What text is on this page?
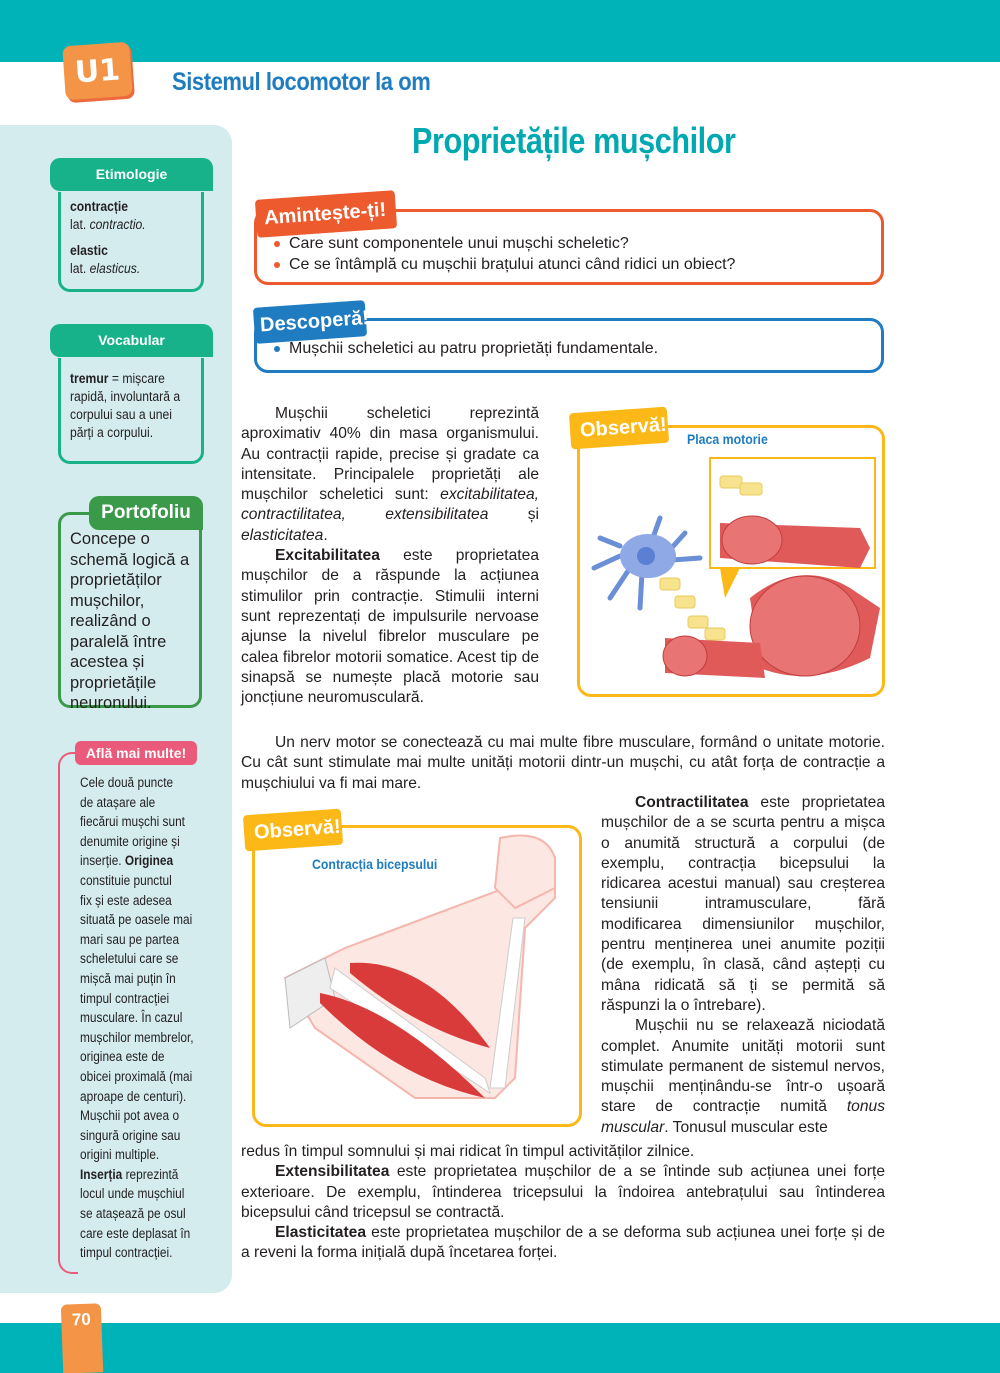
U1	Sistemul locomotor la om
Proprietățile mușchilor
Etimologie
contracție
lat. contractio.
elastic
lat. elasticus.
Vocabular
tremur = mișcare rapidă, involuntară a corpului sau a unei părți a corpului.
Portofoliu
Concepe o schemă logică a proprietăților mușchilor, realizând o paralelă între acestea și proprietățile neuronului.
Află mai multe!
Cele două puncte
de atașare ale
fiecărui mușchi sunt
denumite origine și
inserție. Originea
constituie punctul
fix și este adesea
situată pe oasele mai
mari sau pe partea
scheletului care se
mișcă mai puțin în
timpul contracției
musculare. În cazul
mușchilor membrelor,
originea este de
obicei proximală (mai
aproape de centuri).
Mușchii pot avea o
singură origine sau
origini multiple.
Inserția reprezintă
locul unde mușchiul
se atașează pe osul
care este deplasat în
timpul contracției.
Amintește-ți!
Care sunt componentele unui mușchi scheletic?
Ce se întâmplă cu mușchii brațului atunci când ridici un obiect?
Descoperă!
Mușchii scheletici au patru proprietăți fundamentale.

Mușchii scheletici reprezintă aproximativ 40% din masa organismului. Au contracții rapide, precise și gradate ca intensitate. Principalele proprietăți ale mușchilor scheletici sunt: excitabilitatea, contractilitatea, extensibilitatea și elasticitatea.

Excitabilitatea este proprietatea mușchilor de a răspunde la acțiunea stimulilor prin contracție. Stimulii interni sunt reprezentați de impulsurile nervoase ajunse la nivelul fibrelor musculare pe calea fibrelor motorii somatice. Acest tip de sinapsă se numește placă motorie sau joncțiune neuromusculară.

Observă! Placa motorie

Un nerv motor se conectează cu mai multe fibre musculare, formând o unitate motorie. Cu cât sunt stimulate mai multe unități motorii dintr-un mușchi, cu atât forța de contracție a mușchiului va fi mai mare.

Observă!
Contracția bicepsului

Contractilitatea este proprietatea mușchilor de a se scurta pentru a mișca o anumită structură a corpului (de exemplu, contracția bicepsului la ridicarea acestui manual) sau creșterea tensiunii intramusculare, fără modificarea dimensiunilor mușchilor, pentru menținerea unei anumite poziții (de exemplu, în clasă, când aștepți cu mâna ridicată să ți se permită să răspunzi la o întrebare).

Mușchii nu se relaxează niciodată complet. Anumite unități motorii sunt stimulate permanent de sistemul nervos, mușchii menținându-se într-o ușoară stare de contracție numită tonus muscular. Tonusul muscular este

redus în timpul somnului și mai ridicat în timpul activităților zilnice.

Extensibilitatea este proprietatea mușchilor de a se întinde sub acțiunea unei forțe exterioare. De exemplu, întinderea tricepsului la îndoirea antebrațului sau întinderea bicepsului când tricepsul se contractă.

Elasticitatea este proprietatea mușchilor de a se deforma sub acțiunea unei forțe și de a reveni la forma inițială după încetarea forței.

70
